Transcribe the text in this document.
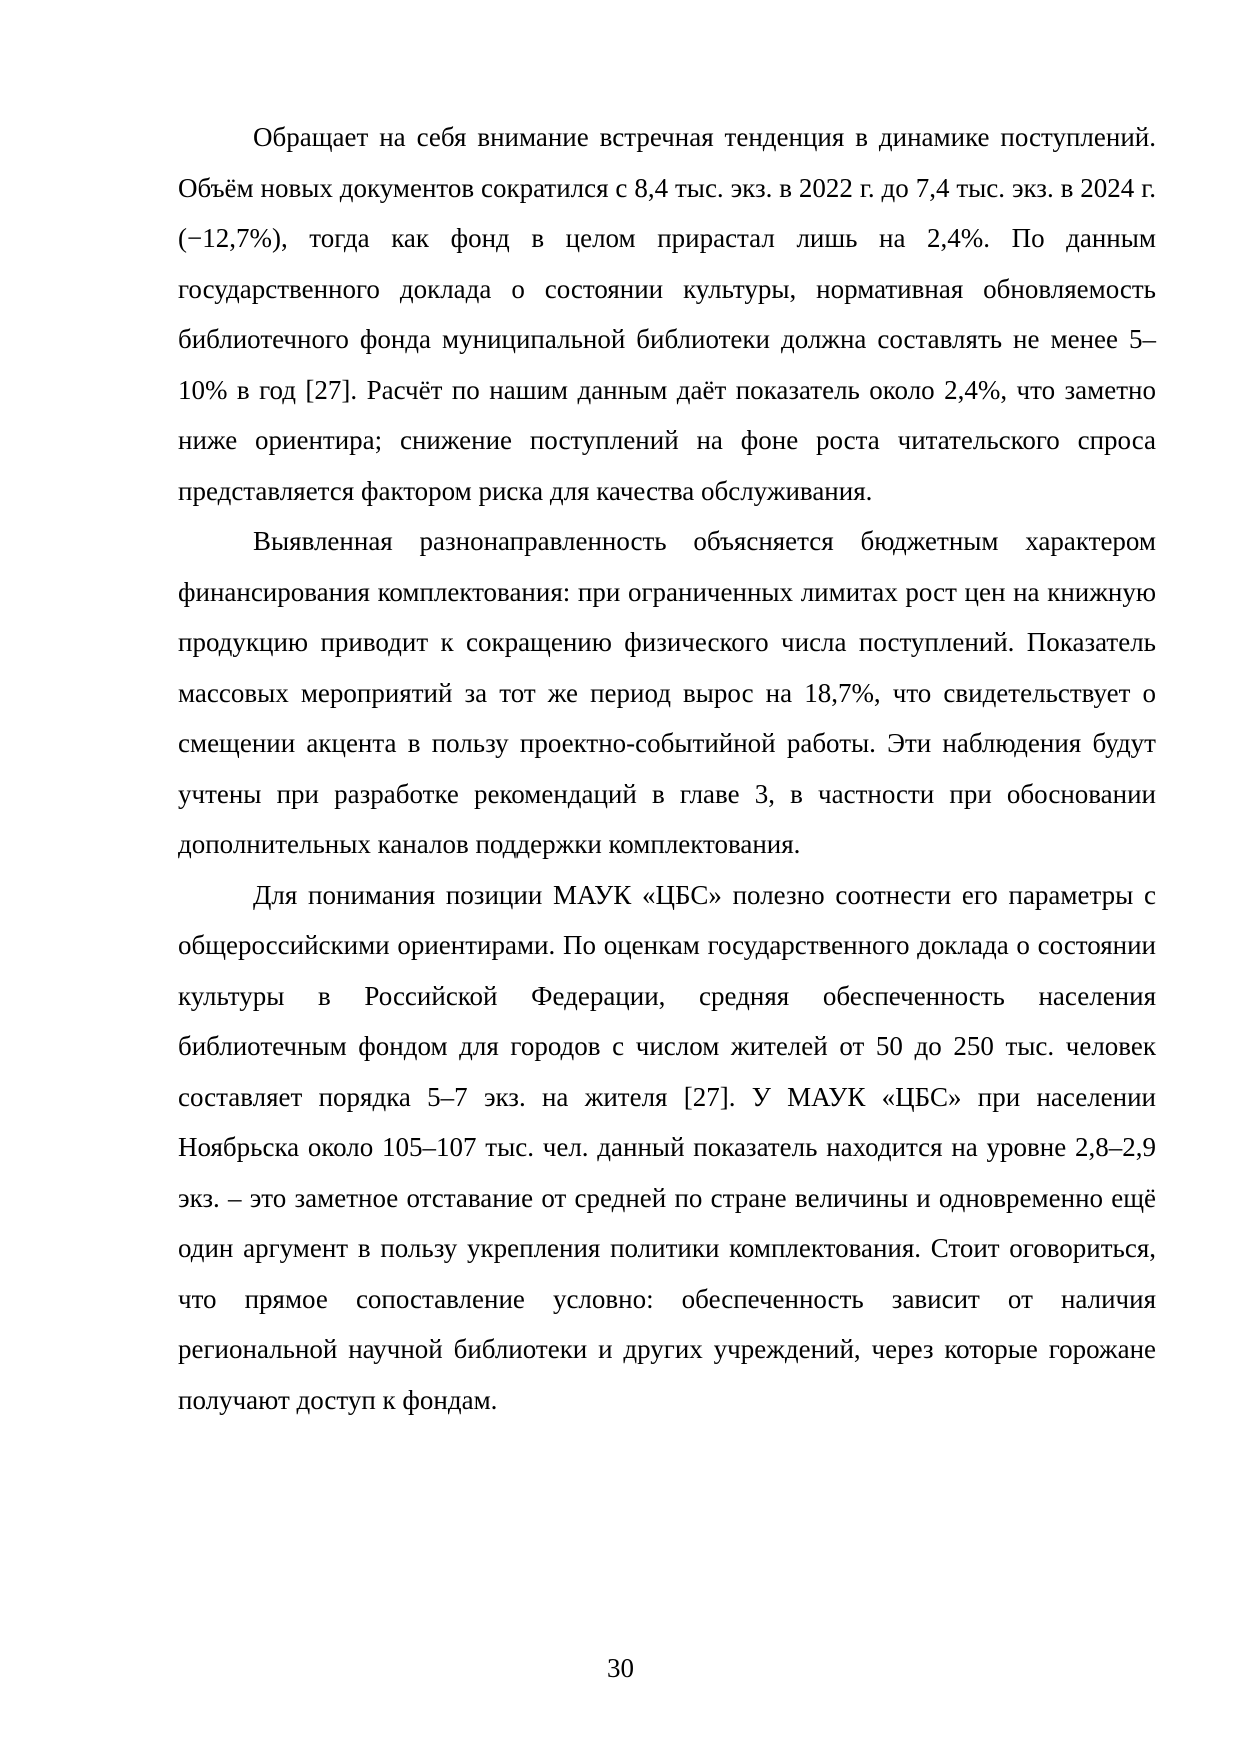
Обращает на себя внимание встречная тенденция в динамике поступлений. Объём новых документов сократился с 8,4 тыс. экз. в 2022 г. до 7,4 тыс. экз. в 2024 г. (−12,7%), тогда как фонд в целом прирастал лишь на 2,4%. По данным государственного доклада о состоянии культуры, нормативная обновляемость библиотечного фонда муниципальной библиотеки должна составлять не менее 5–10% в год [27]. Расчёт по нашим данным даёт показатель около 2,4%, что заметно ниже ориентира; снижение поступлений на фоне роста читательского спроса представляется фактором риска для качества обслуживания.

Выявленная разнонаправленность объясняется бюджетным характером финансирования комплектования: при ограниченных лимитах рост цен на книжную продукцию приводит к сокращению физического числа поступлений. Показатель массовых мероприятий за тот же период вырос на 18,7%, что свидетельствует о смещении акцента в пользу проектно-событийной работы. Эти наблюдения будут учтены при разработке рекомендаций в главе 3, в частности при обосновании дополнительных каналов поддержки комплектования.

Для понимания позиции МАУК «ЦБС» полезно соотнести его параметры с общероссийскими ориентирами. По оценкам государственного доклада о состоянии культуры в Российской Федерации, средняя обеспеченность населения библиотечным фондом для городов с числом жителей от 50 до 250 тыс. человек составляет порядка 5–7 экз. на жителя [27]. У МАУК «ЦБС» при населении Ноябрьска около 105–107 тыс. чел. данный показатель находится на уровне 2,8–2,9 экз. – это заметное отставание от средней по стране величины и одновременно ещё один аргумент в пользу укрепления политики комплектования. Стоит оговориться, что прямое сопоставление условно: обеспеченность зависит от наличия региональной научной библиотеки и других учреждений, через которые горожане получают доступ к фондам.

30
